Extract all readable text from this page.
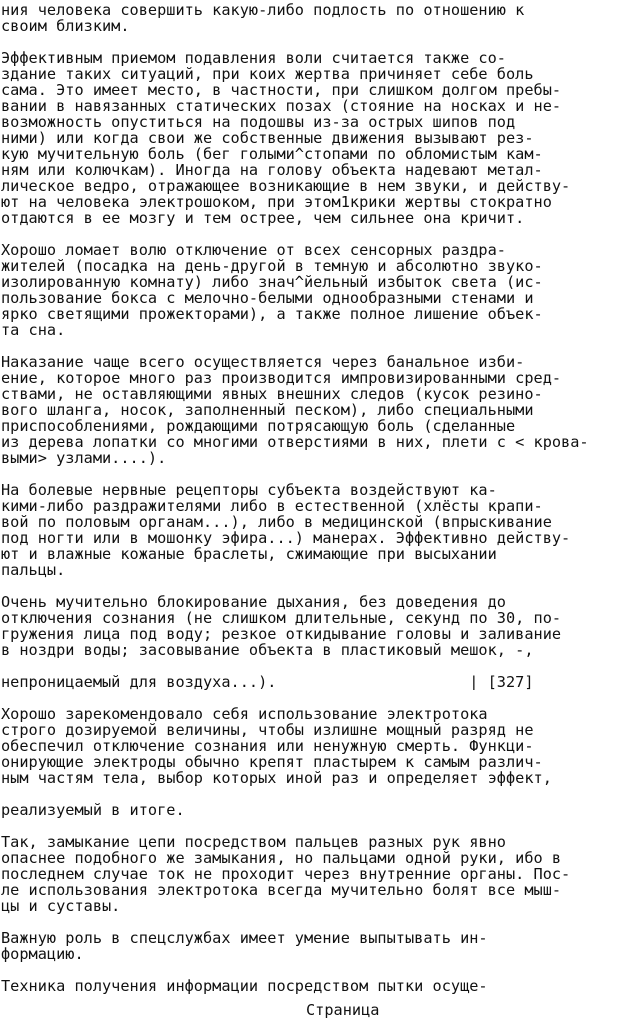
ния человека совершить какую-либо подлость по отношению к
своим близким.
Эффективным приемом подавления воли считается также со-
здание таких ситуаций, при коих жертва причиняет себе боль
сама. Это имеет место, в частности, при слишком долгом пребы-
вании в навязанных статических позах (стояние на носках и не-
возможность опуститься на подошвы из-за острых шипов под
ними) или когда свои же собственные движения вызывают рез-
кую мучительную боль (бег голыми^стопами по обломистым кам-
ням или колючкам). Иногда на голову объекта надевают метал-
лическое ведро, отражающее возникающие в нем звуки, и действу-
ют на человека электрошоком, при этом1крики жертвы стократно
отдаются в ее мозгу и тем острее, чем сильнее она кричит.
Хорошо ломает волю отключение от всех сенсорных раздра-
жителей (посадка на день-другой в темную и абсолютно звуко-
изолированную комнату) либо знач^йельный избыток света (ис-
пользование бокса с мелочно-белыми однообразными стенами и
ярко светящими прожекторами), а также полное лишение объек-
та сна.
Наказание чаще всего осуществляется через банальное изби-
ение, которое много раз производится импровизированными сред-
ствами, не оставляющими явных внешних следов (кусок резино-
вого шланга, носок, заполненный песком), либо специальными
приспособлениями, рождающими потрясающую боль (сделанные
из дерева лопатки со многими отверстиями в них, плети с < крова-
выми> узлами....).
На болевые нервные рецепторы субъекта воздействуют ка-
кими-либо раздражителями либо в естественной (хлёсты крапи-
вой по половым органам...), либо в медицинской (впрыскивание
под ногти или в мошонку эфира...) манерах. Эффективно действу-
ют и влажные кожаные браслеты, сжимающие при высыхании
пальцы.
Очень мучительно блокирование дыхания, без доведения до
отключения сознания (не слишком длительные, секунд по 30, по-
гружения лица под воду; резкое откидывание головы и заливание
в ноздри воды; засовывание объекта в пластиковый мешок, -,
непроницаемый для воздуха...).                     | [327]
Хорошо зарекомендовало себя использование электротока
строго дозируемой величины, чтобы излишне мощный разряд не
обеспечил отключение сознания или ненужную смерть. Функци-
онирующие электроды обычно крепят пластырем к самым различ-
ным частям тела, выбор которых иной раз и определяет эффект,
реализуемый в итоге.
Так, замыкание цепи посредством пальцев разных рук явно
опаснее подобного же замыкания, но пальцами одной руки, ибо в
последнем случае ток не проходит через внутренние органы. Пос-
ле использования электротока всегда мучительно болят все мыш-
цы и суставы.
Важную роль в спецслужбах имеет умение выпытывать ин-
формацию.
Техника получения информации посредством пытки осуще-
Страница
